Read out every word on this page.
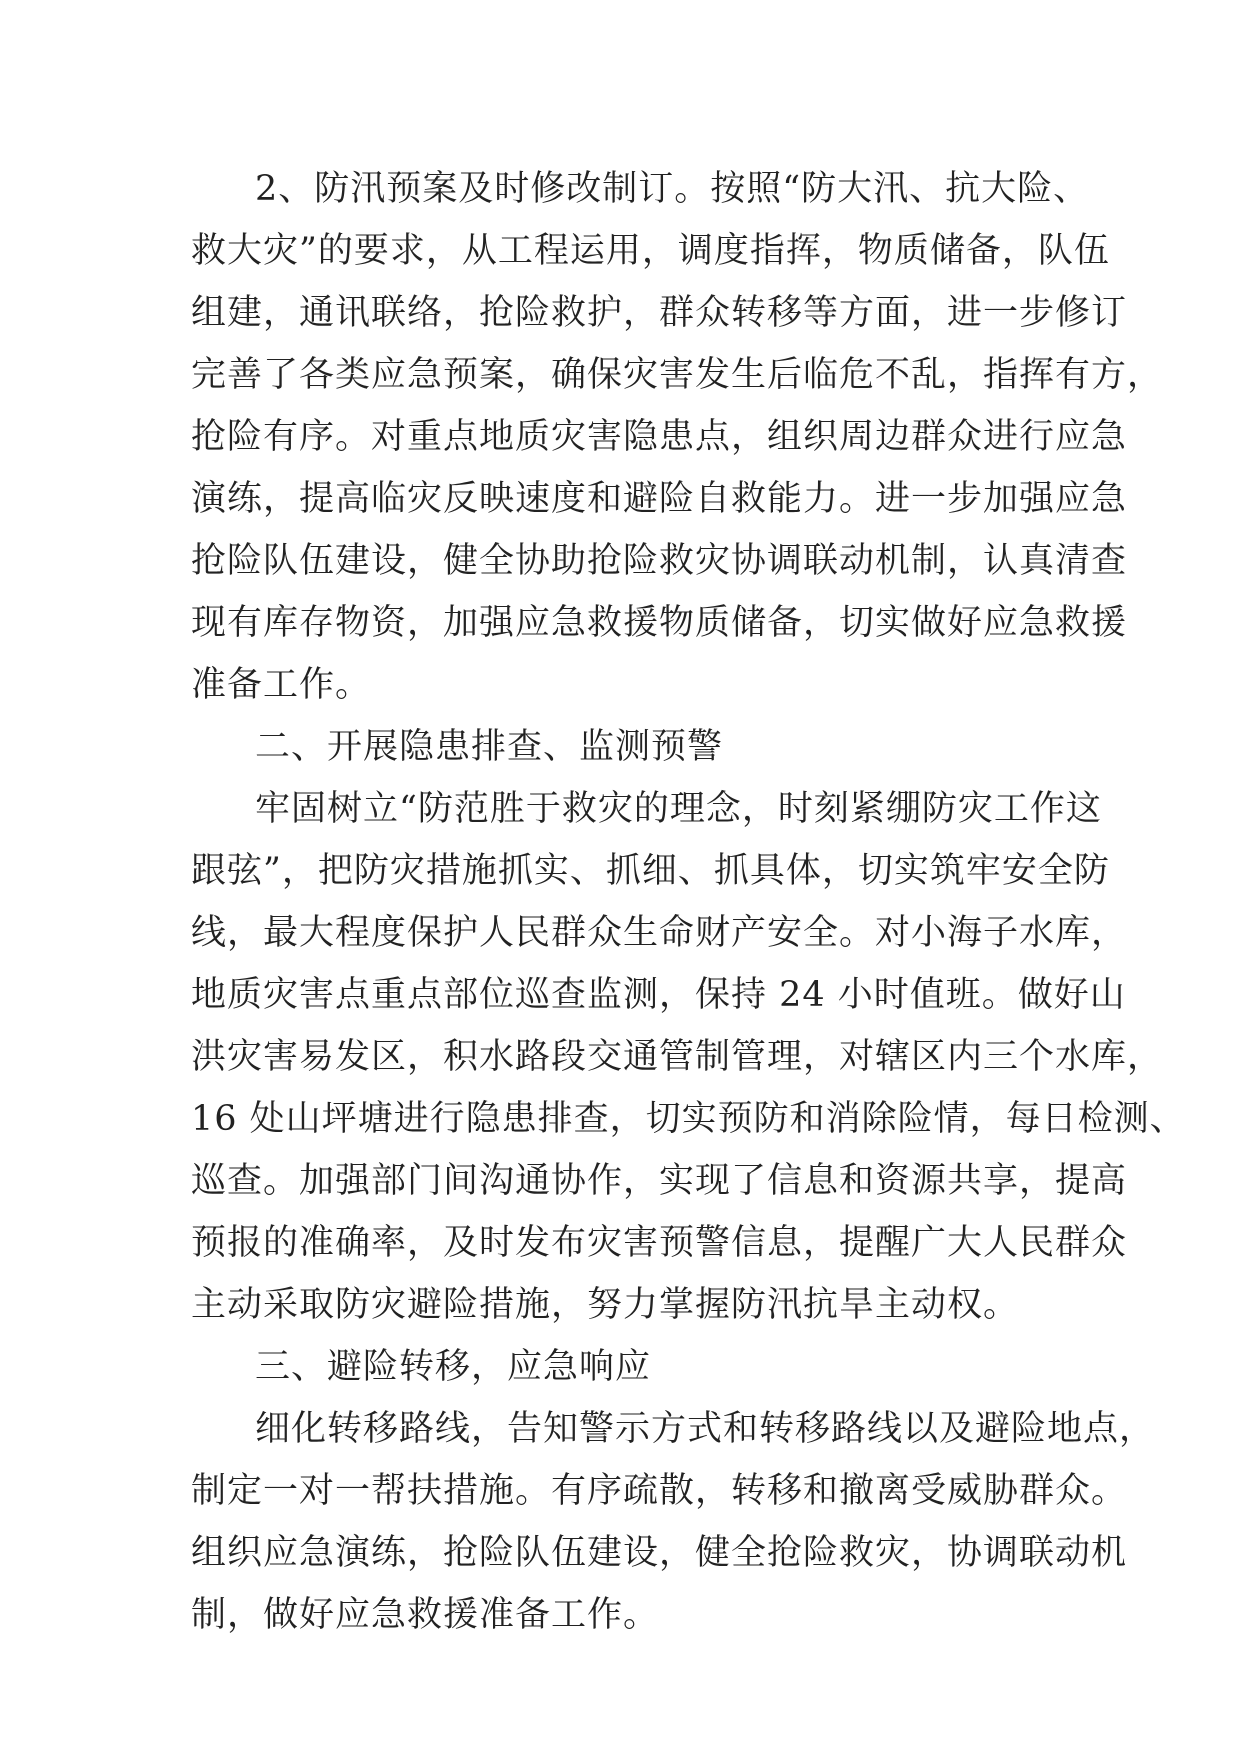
2、防汛预案及时修改制订。按照“防大汛、抗大险、
救大灾”的要求，从工程运用，调度指挥，物质储备，队伍
组建，通讯联络，抢险救护，群众转移等方面，进一步修订
完善了各类应急预案，确保灾害发生后临危不乱，指挥有方，
抢险有序。对重点地质灾害隐患点，组织周边群众进行应急
演练，提高临灾反映速度和避险自救能力。进一步加强应急
抢险队伍建设，健全协助抢险救灾协调联动机制，认真清查
现有库存物资，加强应急救援物质储备，切实做好应急救援
准备工作。
二、开展隐患排查、监测预警
牢固树立“防范胜于救灾的理念，时刻紧绷防灾工作这
跟弦”，把防灾措施抓实、抓细、抓具体，切实筑牢安全防
线，最大程度保护人民群众生命财产安全。对小海子水库，
地质灾害点重点部位巡查监测，保持 24 小时值班。做好山
洪灾害易发区，积水路段交通管制管理，对辖区内三个水库，
16 处山坪塘进行隐患排查，切实预防和消除险情，每日检测、
巡查。加强部门间沟通协作，实现了信息和资源共享，提高
预报的准确率，及时发布灾害预警信息，提醒广大人民群众
主动采取防灾避险措施，努力掌握防汛抗旱主动权。
三、避险转移，应急响应
细化转移路线，告知警示方式和转移路线以及避险地点，
制定一对一帮扶措施。有序疏散，转移和撤离受威胁群众。
组织应急演练，抢险队伍建设，健全抢险救灾，协调联动机
制，做好应急救援准备工作。
